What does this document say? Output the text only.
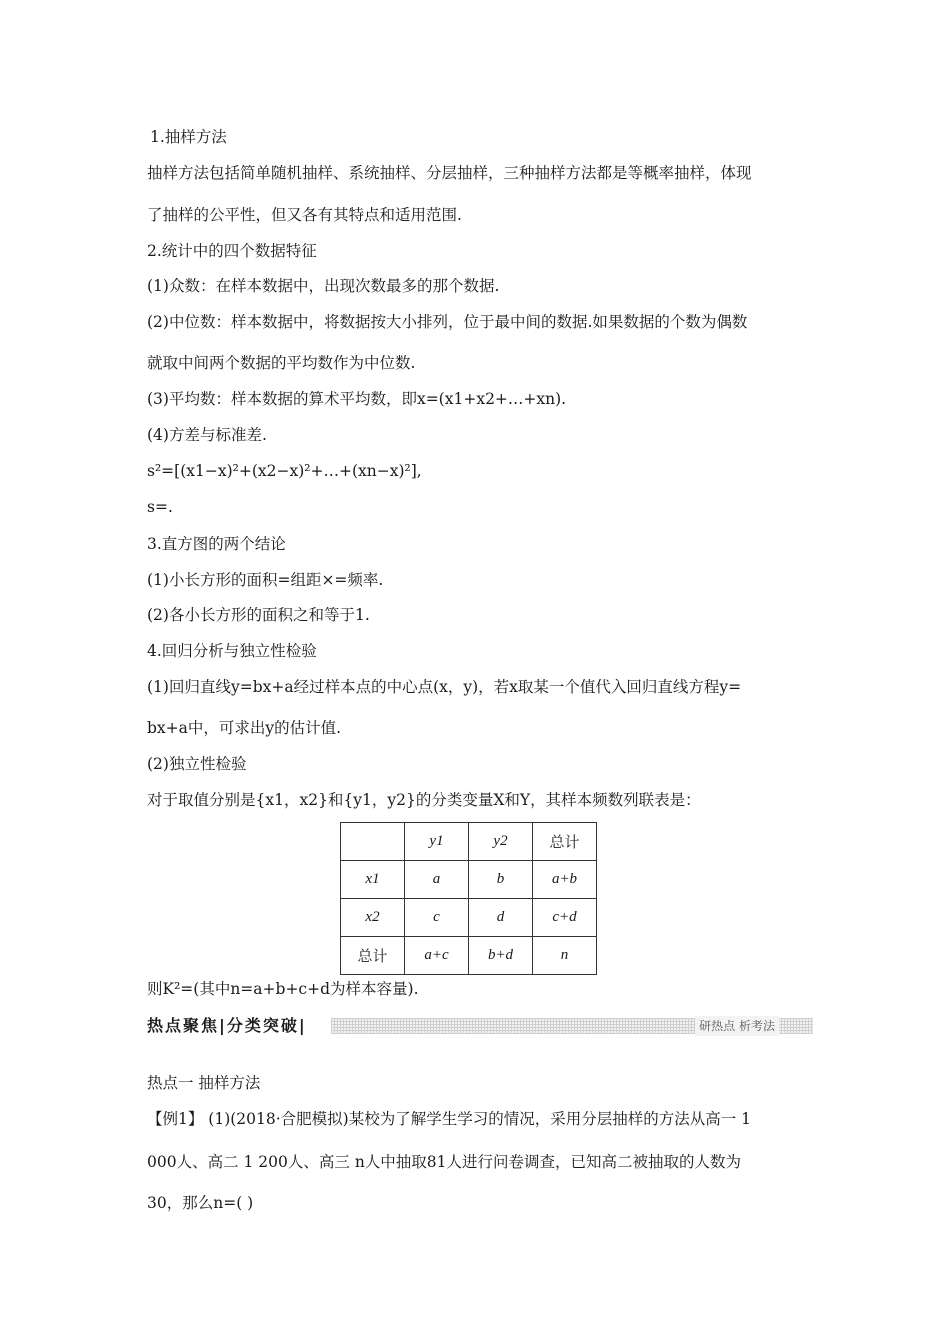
1.抽样方法
抽样方法包括简单随机抽样、系统抽样、分层抽样，三种抽样方法都是等概率抽样，体现
了抽样的公平性，但又各有其特点和适用范围.
2.统计中的四个数据特征
(1)众数：在样本数据中，出现次数最多的那个数据.
(2)中位数：样本数据中，将数据按大小排列，位于最中间的数据.如果数据的个数为偶数
就取中间两个数据的平均数作为中位数.
(3)平均数：样本数据的算术平均数，即x=(x1+x2+…+xn).
(4)方差与标准差.
s²=[(x1−x)²+(x2−x)²+…+(xn−x)²],
s=.
3.直方图的两个结论
(1)小长方形的面积=组距×=频率.
(2)各小长方形的面积之和等于1.
4.回归分析与独立性检验
(1)回归直线y=bx+a经过样本点的中心点(x，y)，若x取某一个值代入回归直线方程y=
bx+a中，可求出y的估计值.
(2)独立性检验
对于取值分别是{x1，x2}和{y1，y2}的分类变量X和Y，其样本频数列联表是：
	y1	y2	总计
x1	a	b	a+b
x2	c	d	c+d
总计	a+c	b+d	n
则K²=(其中n=a+b+c+d为样本容量).
热点聚焦|分类突破|	研热点 析考法
热点一 抽样方法
【例1】 (1)(2018·合肥模拟)某校为了解学生学习的情况，采用分层抽样的方法从高一 1
000人、高二 1 200人、高三 n人中抽取81人进行问卷调查，已知高二被抽取的人数为
30，那么n=( )
